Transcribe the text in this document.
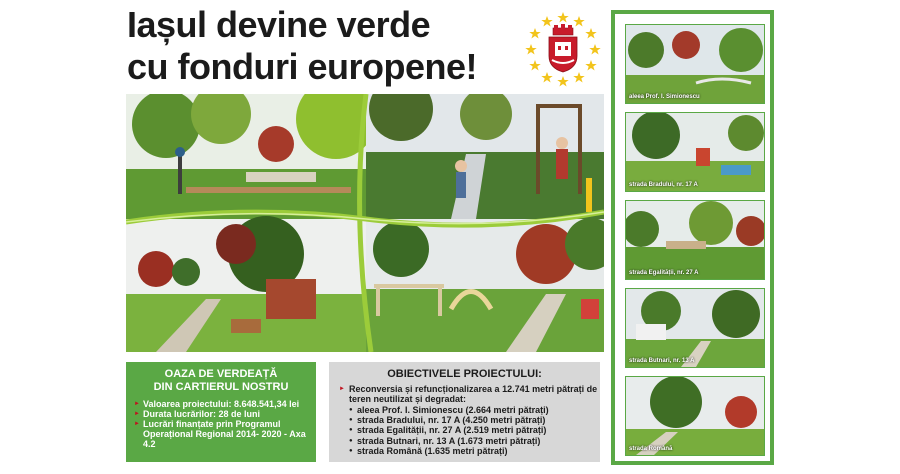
Iașul devine verde
cu fonduri europene!
OAZA DE VERDEAȚĂ
DIN CARTIERUL NOSTRU
► Valoarea proiectului: 8.648.541,34 lei
► Durata lucrărilor: 28 de luni
► Lucrări finanțate prin Programul Operațional Regional 2014- 2020 - Axa 4.2
OBIECTIVELE PROIECTULUI:
► Reconversia și refuncționalizarea a 12.741 metri pătrați de teren neutilizat și degradat:
● aleea Prof. I. Simionescu (2.664 metri pătrați)
● strada Bradului, nr. 17 A (4.250 metri pătrați)
● strada Egalității, nr. 27 A (2.519 metri pătrați)
● strada Butnari, nr. 13 A (1.673 metri pătrați)
● strada Română (1.635 metri pătrați)
aleea Prof. I. Simionescu
strada Bradului, nr. 17 A
strada Egalității, nr. 27 A
strada Butnari, nr. 13 A
strada Română
